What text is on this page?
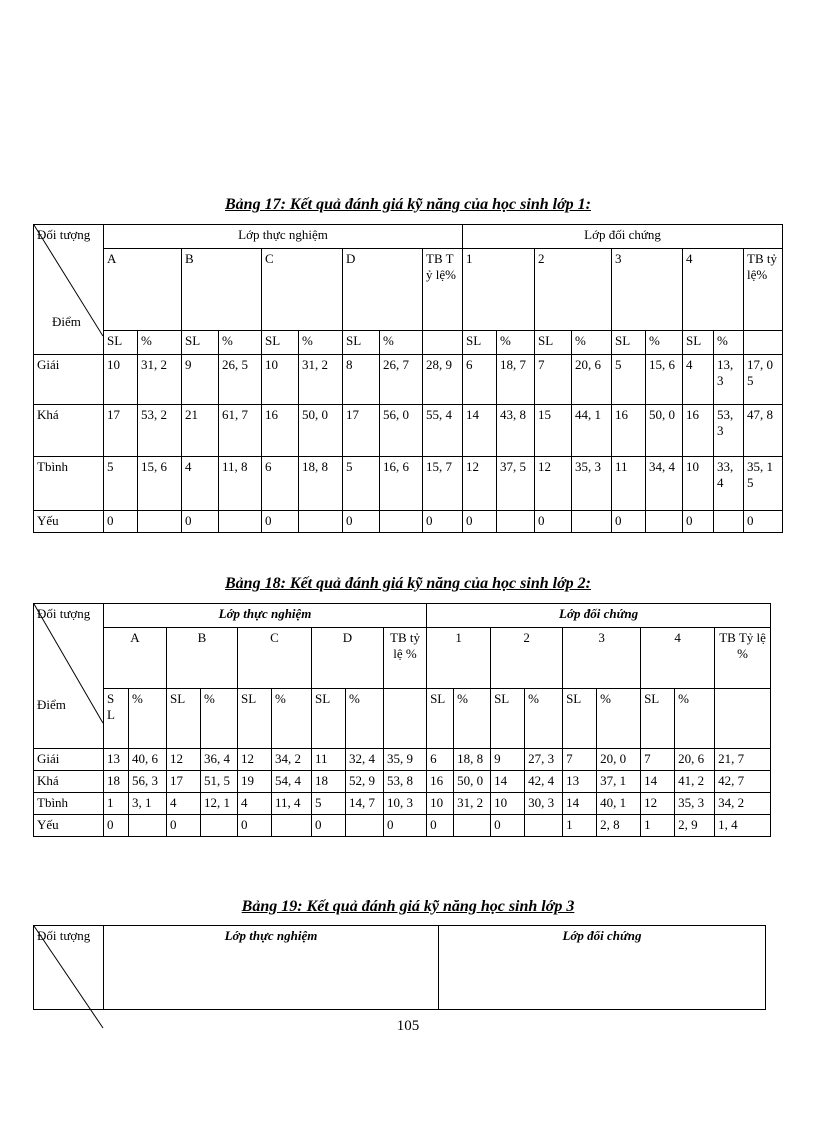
Bảng 17: Kết quả đánh giá kỹ năng của học sinh lớp 1:
Đối tượng
Điểm	Lớp thực nghiệm									Lớp đối chứng								
	A		B		C		D		TB Tỷ lệ%	1		2		3		4		TB tỷ lệ%
	SL	%	SL	%	SL	%	SL	%		SL	%	SL	%	SL	%	SL	%	
Giái	10	31, 2	9	26, 5	10	31, 2	8	26, 7	28, 9	6	18, 7	7	20, 6	5	15, 6	4	13, 3	17, 05
Khá	17	53, 2	21	61, 7	16	50, 0	17	56, 0	55, 4	14	43, 8	15	44, 1	16	50, 0	16	53, 3	47, 8
Tbình	5	15, 6	4	11, 8	6	18, 8	5	16, 6	15, 7	12	37, 5	12	35, 3	11	34, 4	10	33, 4	35, 15
Yếu	0		0		0		0		0	0		0		0		0		0
Bảng 18: Kết quả đánh giá kỹ năng của học sinh lớp 2:
Đối tượng
Điểm	Lớp thực nghiệm									Lớp đối chứng								
	A		B		C		D		TB tỷ lệ %	1		2		3		4		TB Tỷ lệ %
	S L	%	SL	%	SL	%	SL	%		SL	%	SL	%	SL	%	SL	%	
Giái	13	40, 6	12	36, 4	12	34, 2	11	32, 4	35, 9	6	18, 8	9	27, 3	7	20, 0	7	20, 6	21, 7
Khá	18	56, 3	17	51, 5	19	54, 4	18	52, 9	53, 8	16	50, 0	14	42, 4	13	37, 1	14	41, 2	42, 7
Tbình	1	3, 1	4	12, 1	4	11, 4	5	14, 7	10, 3	10	31, 2	10	30, 3	14	40, 1	12	35, 3	34, 2
Yếu	0		0		0		0		0	0		0		1	2, 8	1	2, 9	1, 4
Bảng 19: Kết quả đánh giá kỹ năng học sinh lớp 3
Đối tượng	Lớp thực nghiệm	Lớp đối chứng
105
